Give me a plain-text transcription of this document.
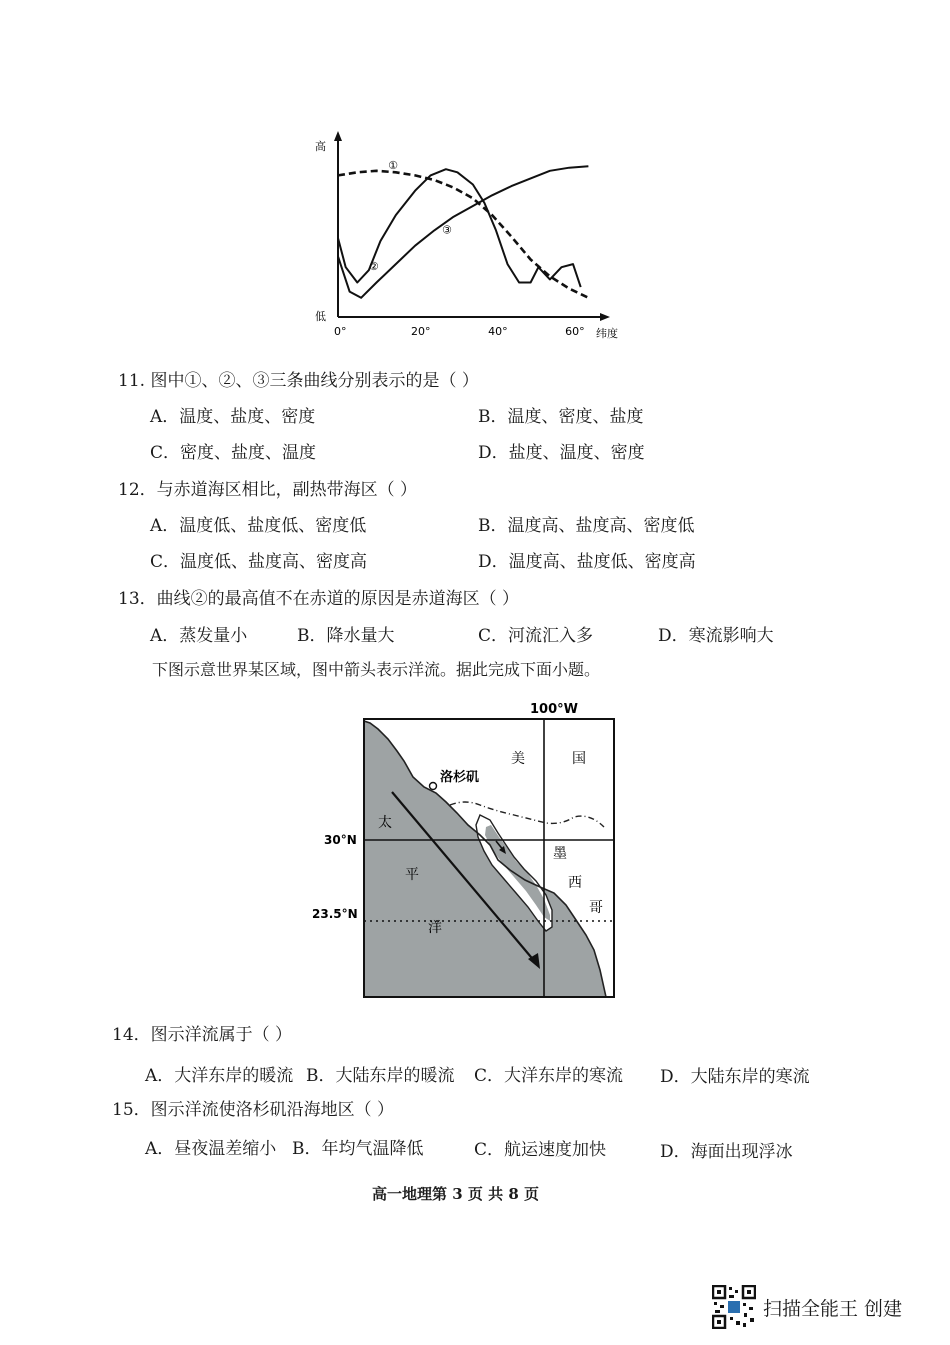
高
低
纬度
0°	20°	40°	60°
①
②
③
11. 图中①、②、③三条曲线分别表示的是（ ）
A．温度、盐度、密度	B．温度、密度、盐度
C．密度、盐度、温度	D．盐度、温度、密度
12．与赤道海区相比，副热带海区（ ）
A．温度低、盐度低、密度低	B．温度高、盐度高、密度低
C．温度低、盐度高、密度高	D．温度高、盐度低、密度高
13．曲线②的最高值不在赤道的原因是赤道海区（ ）
A．蒸发量小	B．降水量大	C．河流汇入多	D．寒流影响大
下图示意世界某区域，图中箭头表示洋流。据此完成下面小题。
洛杉矶
100°W
30°N
23.5°N
美	国
墨
西
哥
太
平
洋
14．图示洋流属于（ ）
A．大洋东岸的暖流 B．大陆东岸的暖流 C．大洋东岸的寒流 D．大陆东岸的寒流
15．图示洋流使洛杉矶沿海地区（ ）
A．昼夜温差缩小 B．年均气温降低	C．航运速度加快	D．海面出现浮冰
高一地理第 3 页 共 8 页
扫描全能王 创建
